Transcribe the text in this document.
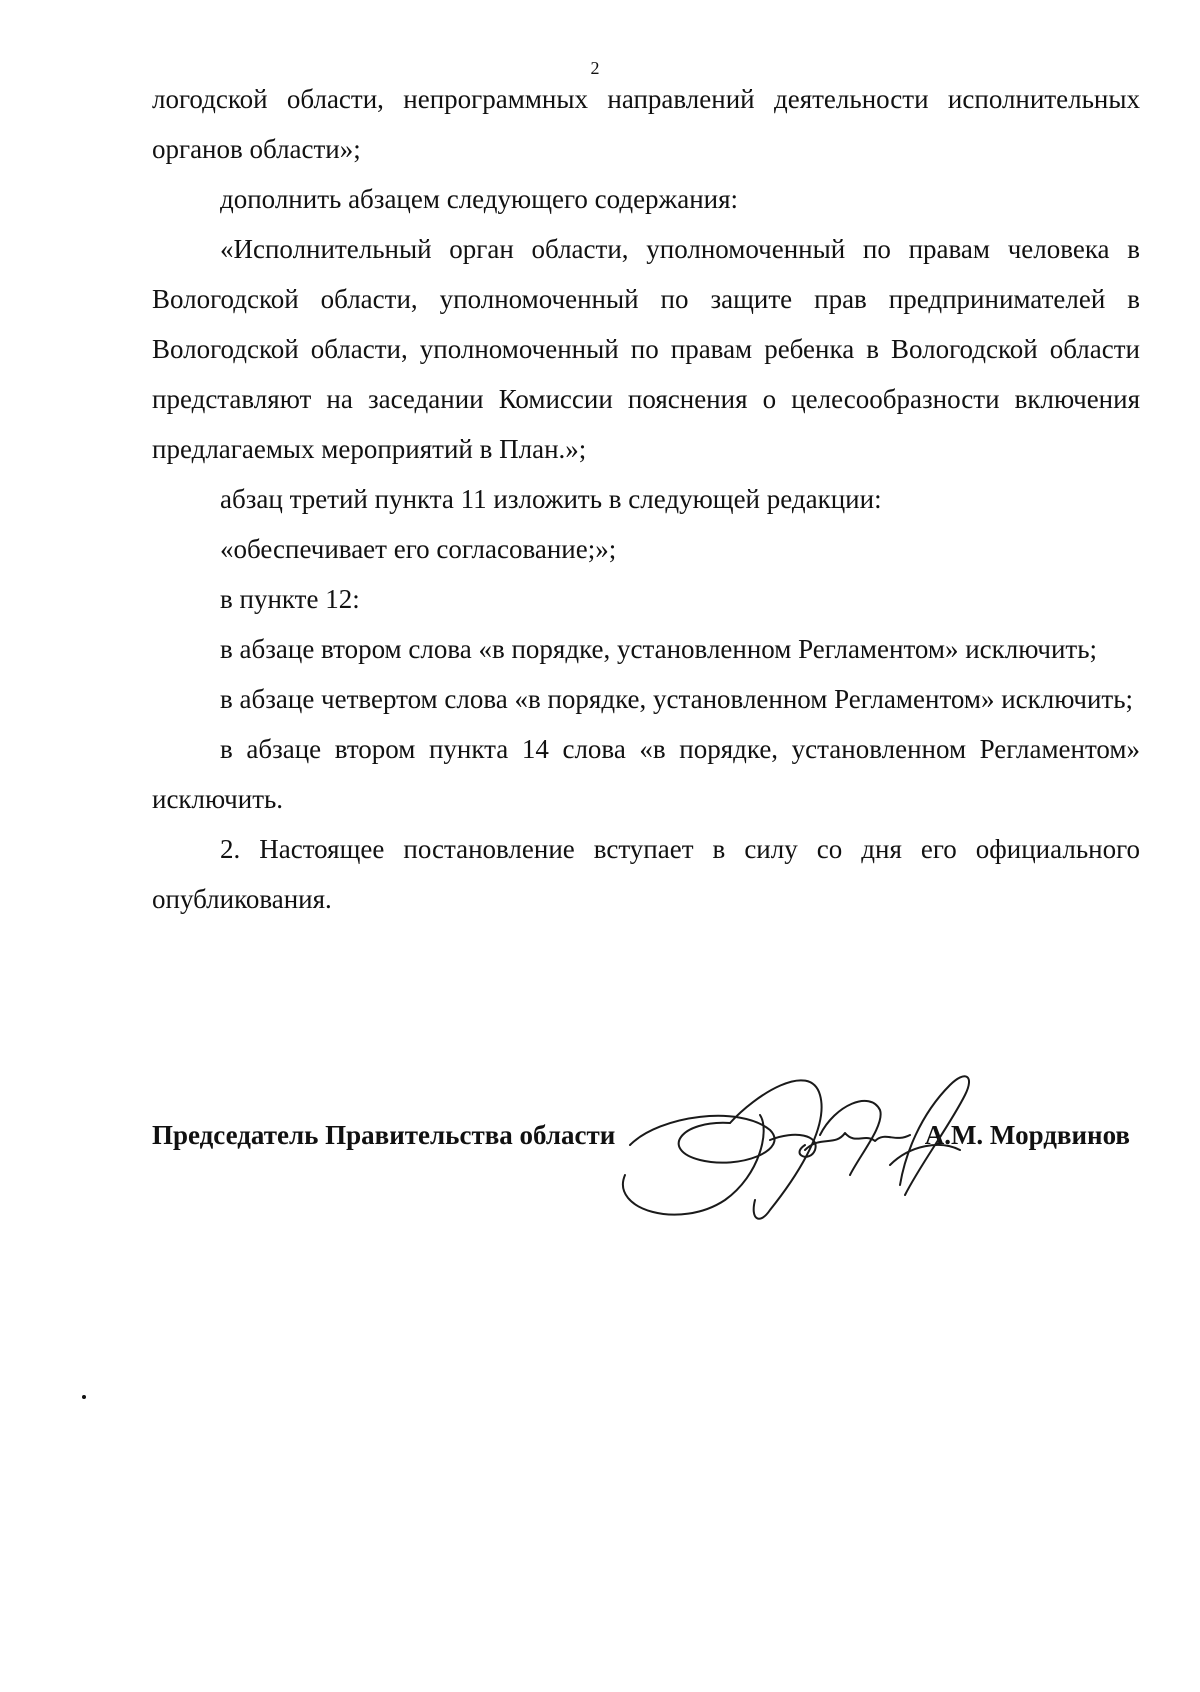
2

логодской области, непрограммных направлений деятельности исполнительных органов области»;

дополнить абзацем следующего содержания:

«Исполнительный орган области, уполномоченный по правам человека в Вологодской области, уполномоченный по защите прав предпринимателей в Вологодской области, уполномоченный по правам ребенка в Вологодской области представляют на заседании Комиссии пояснения о целесообразности включения предлагаемых мероприятий в План.»;

абзац третий пункта 11 изложить в следующей редакции:

«обеспечивает его согласование;»;

в пункте 12:

в абзаце втором слова «в порядке, установленном Регламентом» исключить;

в абзаце четвертом слова «в порядке, установленном Регламентом» исключить;

в абзаце втором пункта 14 слова «в порядке, установленном Регламентом» исключить.

2. Настоящее постановление вступает в силу со дня его официального опубликования.

Председатель Правительства области	А.М. Мордвинов
